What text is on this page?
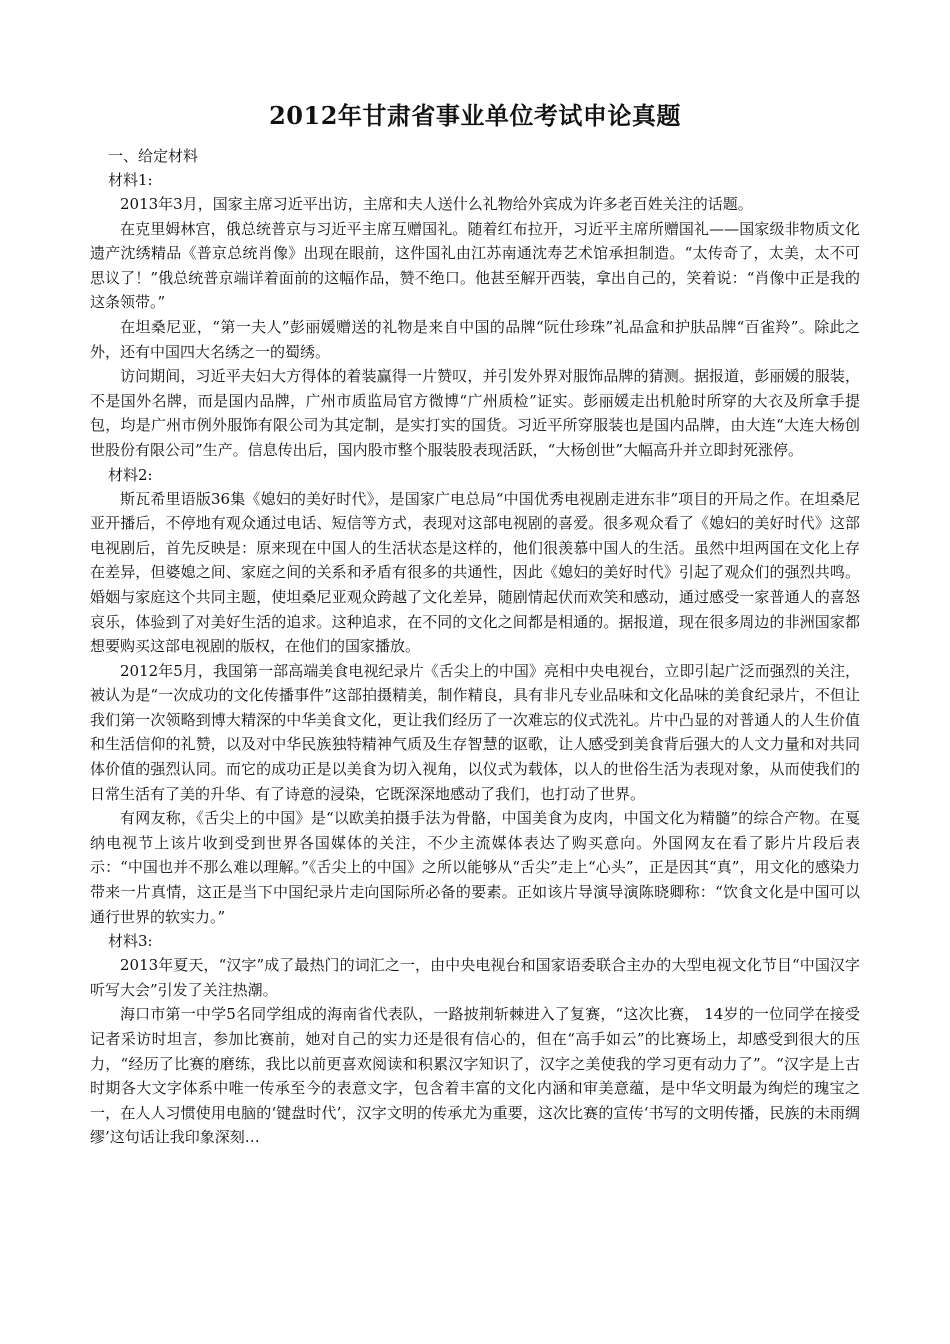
2012年甘肃省事业单位考试申论真题

一、给定材料

材料1:

2013年3月，国家主席习近平出访，主席和夫人送什么礼物给外宾成为许多老百姓关注的话题。

在克里姆林宫，俄总统普京与习近平主席互赠国礼。随着红布拉开，习近平主席所赠国礼——国家级非物质文化遗产沈绣精品《普京总统肖像》出现在眼前，这件国礼由江苏南通沈寿艺术馆承担制造。“太传奇了，太美，太不可思议了！”俄总统普京端详着面前的这幅作品，赞不绝口。他甚至解开西装，拿出自己的，笑着说：“肖像中正是我的这条领带。”

在坦桑尼亚，“第一夫人”彭丽媛赠送的礼物是来自中国的品牌“阮仕珍珠”礼品盒和护肤品牌“百雀羚”。除此之外，还有中国四大名绣之一的蜀绣。

访问期间，习近平夫妇大方得体的着装赢得一片赞叹，并引发外界对服饰品牌的猜测。据报道，彭丽媛的服装，不是国外名牌，而是国内品牌，广州市质监局官方微博“广州质检”证实。彭丽媛走出机舱时所穿的大衣及所拿手提包，均是广州市例外服饰有限公司为其定制，是实打实的国货。习近平所穿服装也是国内品牌，由大连“大连大杨创世股份有限公司”生产。信息传出后，国内股市整个服装股表现活跃，“大杨创世”大幅高升并立即封死涨停。

材料2:

斯瓦希里语版36集《媳妇的美好时代》，是国家广电总局“中国优秀电视剧走进东非”项目的开局之作。在坦桑尼亚开播后，不停地有观众通过电话、短信等方式，表现对这部电视剧的喜爱。很多观众看了《媳妇的美好时代》这部电视剧后，首先反映是：原来现在中国人的生活状态是这样的，他们很羡慕中国人的生活。虽然中坦两国在文化上存在差异，但婆媳之间、家庭之间的关系和矛盾有很多的共通性，因此《媳妇的美好时代》引起了观众们的强烈共鸣。婚姻与家庭这个共同主题，使坦桑尼亚观众跨越了文化差异，随剧情起伏而欢笑和感动，通过感受一家普通人的喜怒哀乐，体验到了对美好生活的追求。这种追求，在不同的文化之间都是相通的。据报道，现在很多周边的非洲国家都想要购买这部电视剧的版权，在他们的国家播放。

2012年5月，我国第一部高端美食电视纪录片《舌尖上的中国》亮相中央电视台，立即引起广泛而强烈的关注，被认为是“一次成功的文化传播事件”这部拍摄精美，制作精良，具有非凡专业品味和文化品味的美食纪录片，不但让我们第一次领略到博大精深的中华美食文化，更让我们经历了一次难忘的仪式洗礼。片中凸显的对普通人的人生价值和生活信仰的礼赞，以及对中华民族独特精神气质及生存智慧的讴歌，让人感受到美食背后强大的人文力量和对共同体价值的强烈认同。而它的成功正是以美食为切入视角，以仪式为载体，以人的世俗生活为表现对象，从而使我们的日常生活有了美的升华、有了诗意的浸染，它既深深地感动了我们，也打动了世界。

有网友称，《舌尖上的中国》是“以欧美拍摄手法为骨骼，中国美食为皮肉，中国文化为精髓”的综合产物。在戛纳电视节上该片收到受到世界各国媒体的关注，不少主流媒体表达了购买意向。外国网友在看了影片片段后表示：“中国也并不那么难以理解。”《舌尖上的中国》之所以能够从“舌尖”走上“心头”，正是因其“真”，用文化的感染力带来一片真情，这正是当下中国纪录片走向国际所必备的要素。正如该片导演导演陈晓卿称：“饮食文化是中国可以通行世界的软实力。”

材料3:

2013年夏天，“汉字”成了最热门的词汇之一，由中央电视台和国家语委联合主办的大型电视文化节目“中国汉字听写大会”引发了关注热潮。

海口市第一中学5名同学组成的海南省代表队，一路披荆斩棘进入了复赛，“这次比赛， 14岁的一位同学在接受记者采访时坦言，参加比赛前，她对自己的实力还是很有信心的，但在“高手如云”的比赛场上，却感受到很大的压力，“经历了比赛的磨练，我比以前更喜欢阅读和积累汉字知识了，汉字之美使我的学习更有动力了”。“汉字是上古时期各大文字体系中唯一传承至今的表意文字，包含着丰富的文化内涵和审美意蕴，是中华文明最为绚烂的瑰宝之一，在人人习惯使用电脑的‘键盘时代’，汉字文明的传承尤为重要，这次比赛的宣传‘书写的文明传播，民族的未雨绸缪’这句话让我印象深刻…
